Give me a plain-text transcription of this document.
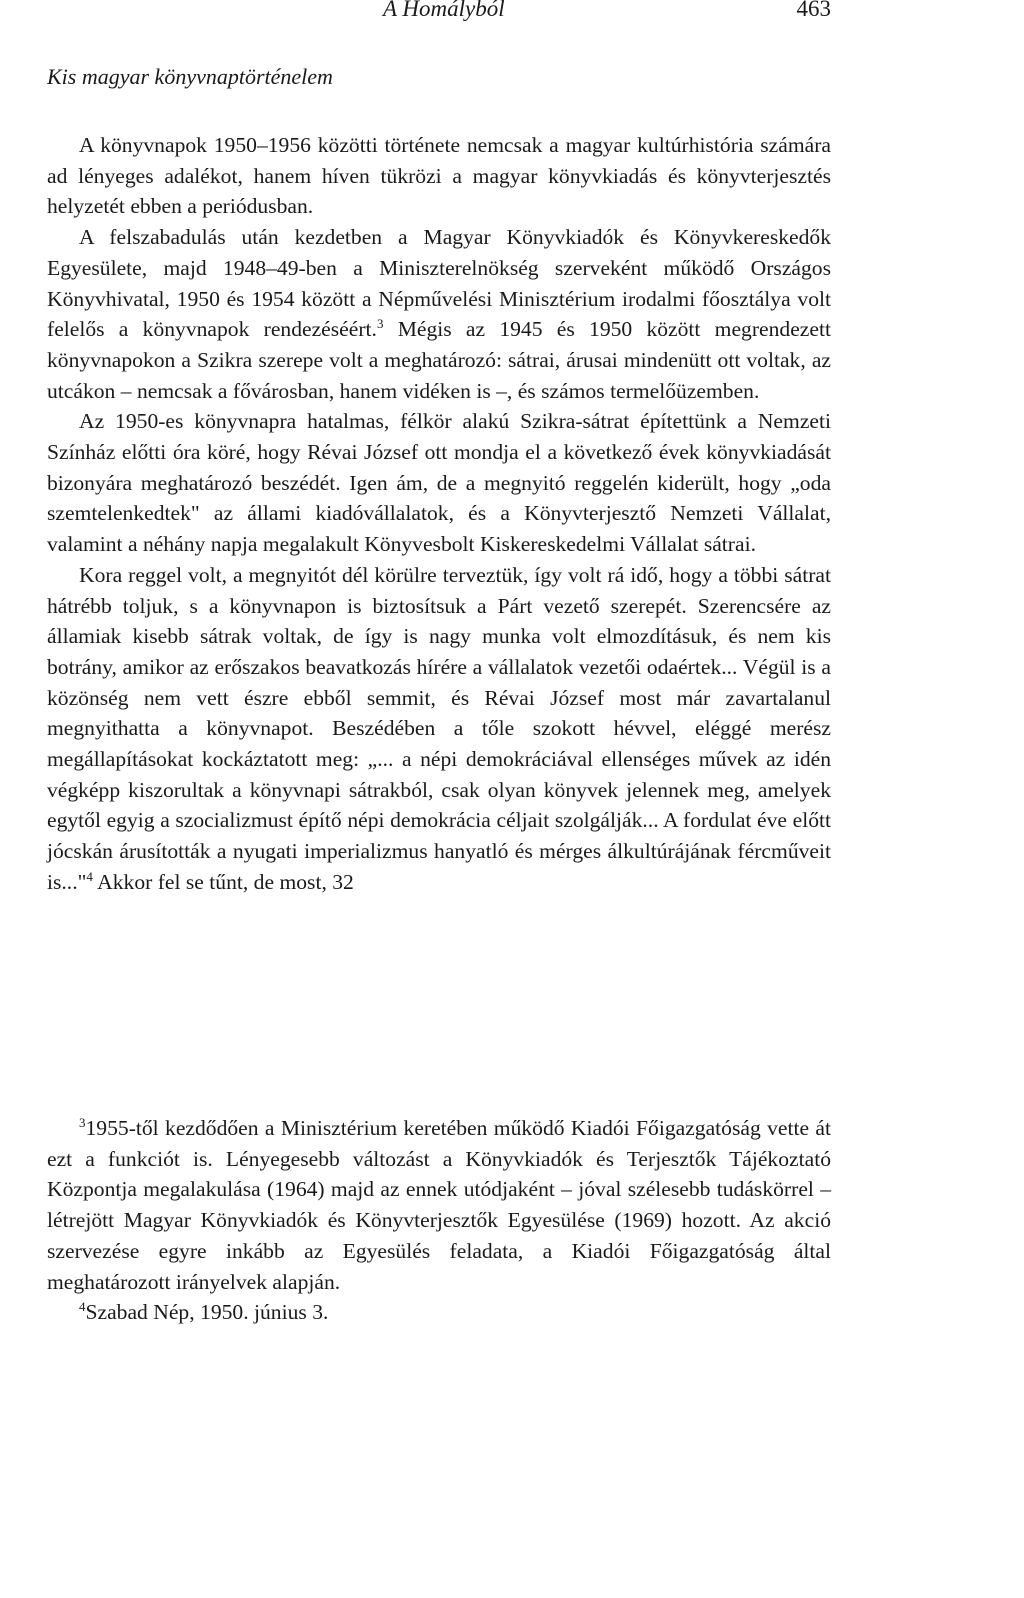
A Homályból	463
Kis magyar könyvnaptörténelem

A könyvnapok 1950–1956 közötti története nemcsak a magyar kultúrhistória számára ad lényeges adalékot, hanem híven tükrözi a magyar könyvkiadás és könyvterjesztés helyzetét ebben a periódusban.

A felszabadulás után kezdetben a Magyar Könyvkiadók és Könyvkereskedők Egyesülete, majd 1948–49-ben a Miniszterelnökség szerveként működő Országos Könyvhivatal, 1950 és 1954 között a Népművelési Minisztérium irodalmi főosztálya volt felelős a könyvnapok rendezéséért.$^3$ Mégis az 1945 és 1950 között megrendezett könyvnapokon a Szikra szerepe volt a meghatározó: sátrai, árusai mindenütt ott voltak, az utcákon – nemcsak a fővárosban, hanem vidéken is –, és számos termelőüzemben.

Az 1950-es könyvnapra hatalmas, félkör alakú Szikra-sátrat építettünk a Nemzeti Színház előtti óra köré, hogy Révai József ott mondja el a következő évek könyvkiadását bizonyára meghatározó beszédét. Igen ám, de a megnyitó reggelén kiderült, hogy „oda szemtelenkedtek" az állami kiadóvállalatok, és a Könyvterjesztő Nemzeti Vállalat, valamint a néhány napja megalakult Könyvesbolt Kiskereskedelmi Vállalat sátrai.

Kora reggel volt, a megnyitót dél körülre terveztük, így volt rá idő, hogy a többi sátrat hátrébb toljuk, s a könyvnapon is biztosítsuk a Párt vezető szerepét. Szerencsére az államiak kisebb sátrak voltak, de így is nagy munka volt elmozdításuk, és nem kis botrány, amikor az erőszakos beavatkozás hírére a vállalatok vezetői odaértek... Végül is a közönség nem vett észre ebből semmit, és Révai József most már zavartalanul megnyithatta a könyvnapot. Beszédében a tőle szokott hévvel, eléggé merész megállapításokat kockáztatott meg: „... a népi demokráciával ellenséges művek az idén végképp kiszorultak a könyvnapi sátrakból, csak olyan könyvek jelennek meg, amelyek egytől egyig a szocializmust építő népi demokrácia céljait szolgálják... A fordulat éve előtt jócskán árusították a nyugati imperializmus hanyatló és mérges álkultúrájának fércműveit is..."$^4$ Akkor fel se tűnt, de most, 32

$^3$1955-től kezdődően a Minisztérium keretében működő Kiadói Főigazgatóság vette át ezt a funkciót is. Lényegesebb változást a Könyvkiadók és Terjesztők Tájékoztató Központja megalakulása (1964) majd az ennek utódjaként – jóval szélesebb tudáskörrel – létrejött Magyar Könyvkiadók és Könyvterjesztők Egyesülése (1969) hozott. Az akció szervezése egyre inkább az Egyesülés feladata, a Kiadói Főigazgatóság által meghatározott irányelvek alapján.

$^4$Szabad Nép, 1950. június 3.
